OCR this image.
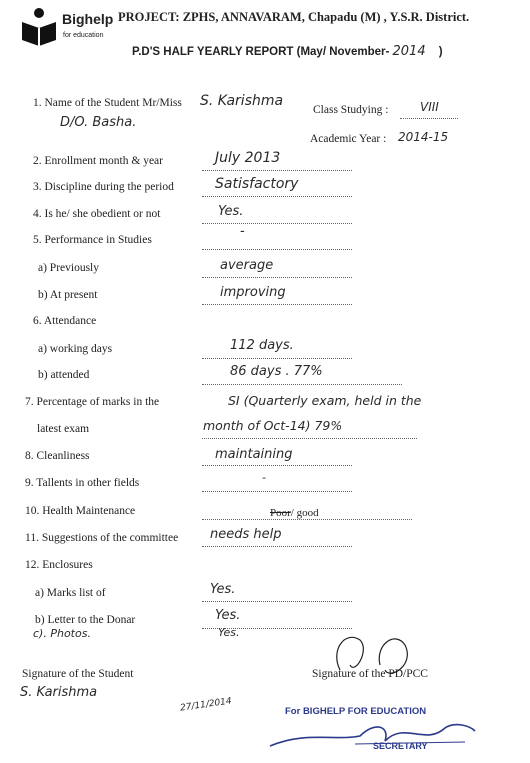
Bighelp
for education
PROJECT: ZPHS, ANNAVARAM, Chapadu (M) , Y.S.R. District.
P.D'S HALF YEARLY REPORT (May/ November- 2014 )
1. Name of the Student Mr/Miss S. Karishma
Class Studying :	VIII
D/O. Basha.
Academic Year : 2014-15
2. Enrollment month & year	July 2013
3. Discipline during the period	Satisfactory
4. Is he/ she obedient or not	Yes.
5. Performance in Studies
-
a) Previously	average
b) At present	improving
6. Attendance
a) working days	112 days.
b) attended	86 days . 77%
7. Percentage of marks in the
latest exam
SI (Quarterly exam, held in the
month of Oct-14) 79%
8. Cleanliness	maintaining
9. Tallents in other fields	-
10. Health Maintenance	Poor/ good
11. Suggestions of the committee needs help
12. Enclosures
a) Marks list of	Yes.
b) Letter to the Donar	Yes.
c). Photos.	Yes.
Signature of the Student
S. Karishma
Signature of the PD/PCC
27/11/2014	For BIGHELP FOR EDUCATION
SECRETARY
